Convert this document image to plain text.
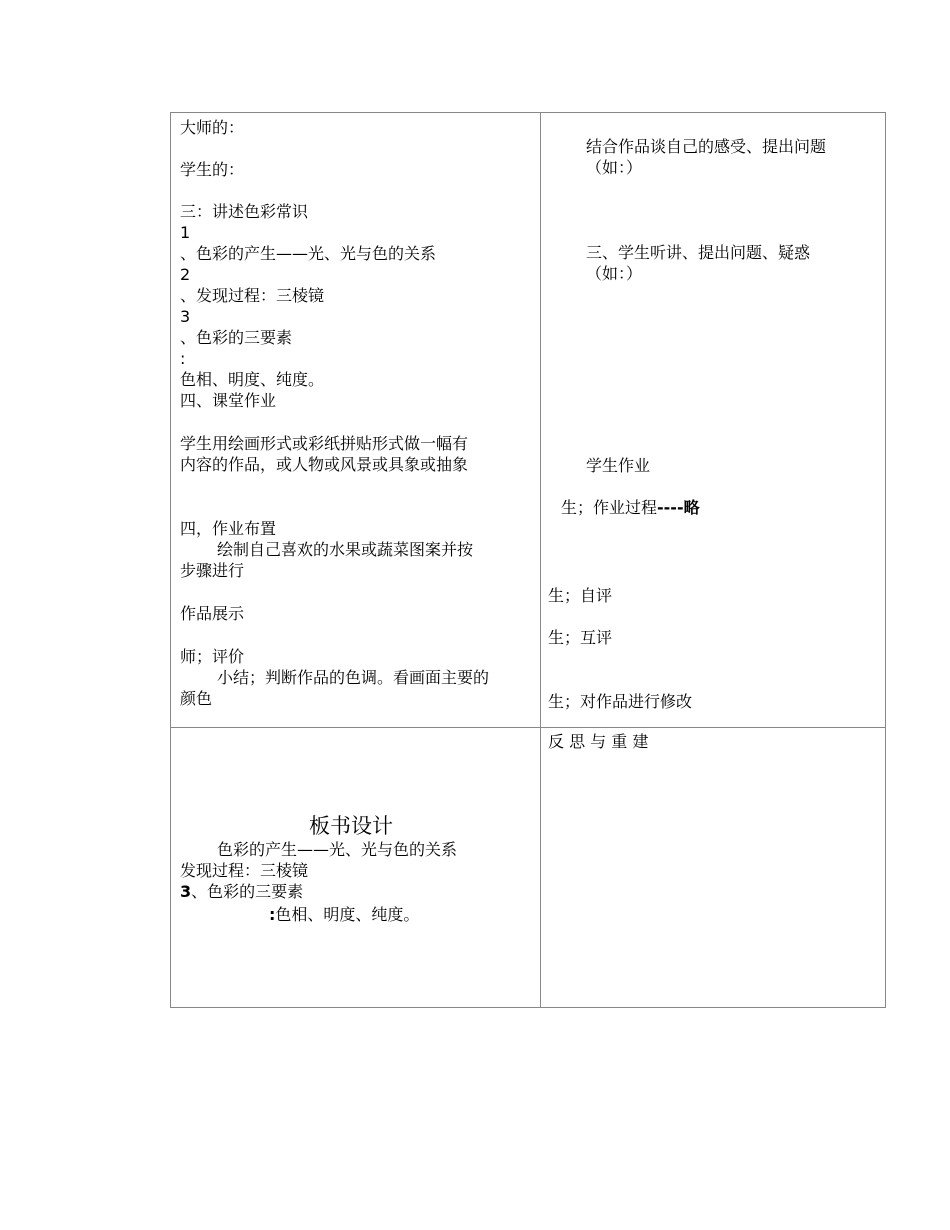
大师的：
学生的：
三：讲述色彩常识
1
、色彩的产生——光、光与色的关系
2
、发现过程：三棱镜
3
、色彩的三要素
:
色相、明度、纯度。
四、课堂作业
学生用绘画形式或彩纸拼贴形式做一幅有
内容的作品，或人物或风景或具象或抽象
四，作业布置
绘制自己喜欢的水果或蔬菜图案并按
步骤进行
作品展示
师；评价
小结；判断作品的色调。看画面主要的
颜色
结合作品谈自己的感受、提出问题
（如：）
三、学生听讲、提出问题、疑惑
（如：）
学生作业
生；作业过程----略
生；自评
生；互评
生；对作品进行修改
板书设计
色彩的产生——光、光与色的关系
发现过程：三棱镜
3、色彩的三要素
:色相、明度、纯度。
反 思 与 重 建
